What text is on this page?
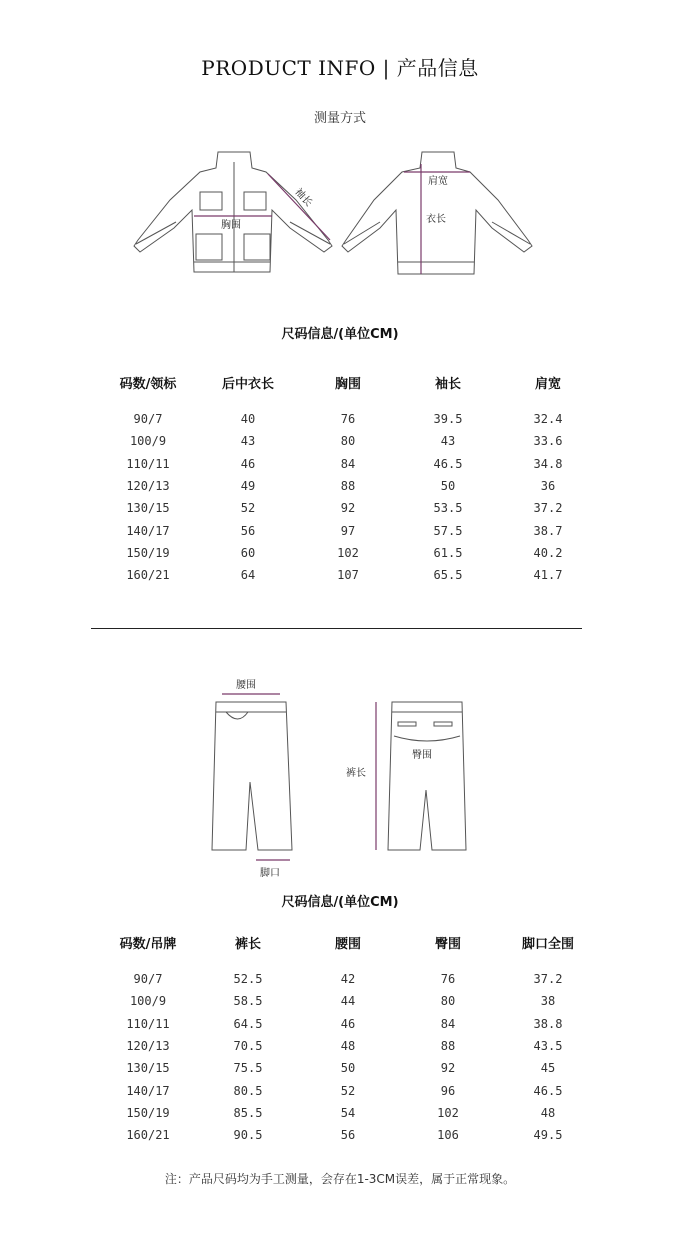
PRODUCT INFO | 产品信息
测量方式
胸围
袖长
肩宽
衣长
尺码信息/(单位CM)
码数/领标	后中衣长	胸围	袖长	肩宽

90/7	40	76	39.5	32.4
100/9	43	80	43	33.6
110/11	46	84	46.5	34.8
120/13	49	88	50	36
130/15	52	92	53.5	37.2
140/17	56	97	57.5	38.7
150/19	60	102	61.5	40.2
160/21	64	107	65.5	41.7
腰围
脚口
裤长
臀围
尺码信息/(单位CM)
码数/吊牌	裤长	腰围	臀围	脚口全围

90/7	52.5	42	76	37.2
100/9	58.5	44	80	38
110/11	64.5	46	84	38.8
120/13	70.5	48	88	43.5
130/15	75.5	50	92	45
140/17	80.5	52	96	46.5
150/19	85.5	54	102	48
160/21	90.5	56	106	49.5
注：产品尺码均为手工测量，会存在1-3CM误差，属于正常现象。
